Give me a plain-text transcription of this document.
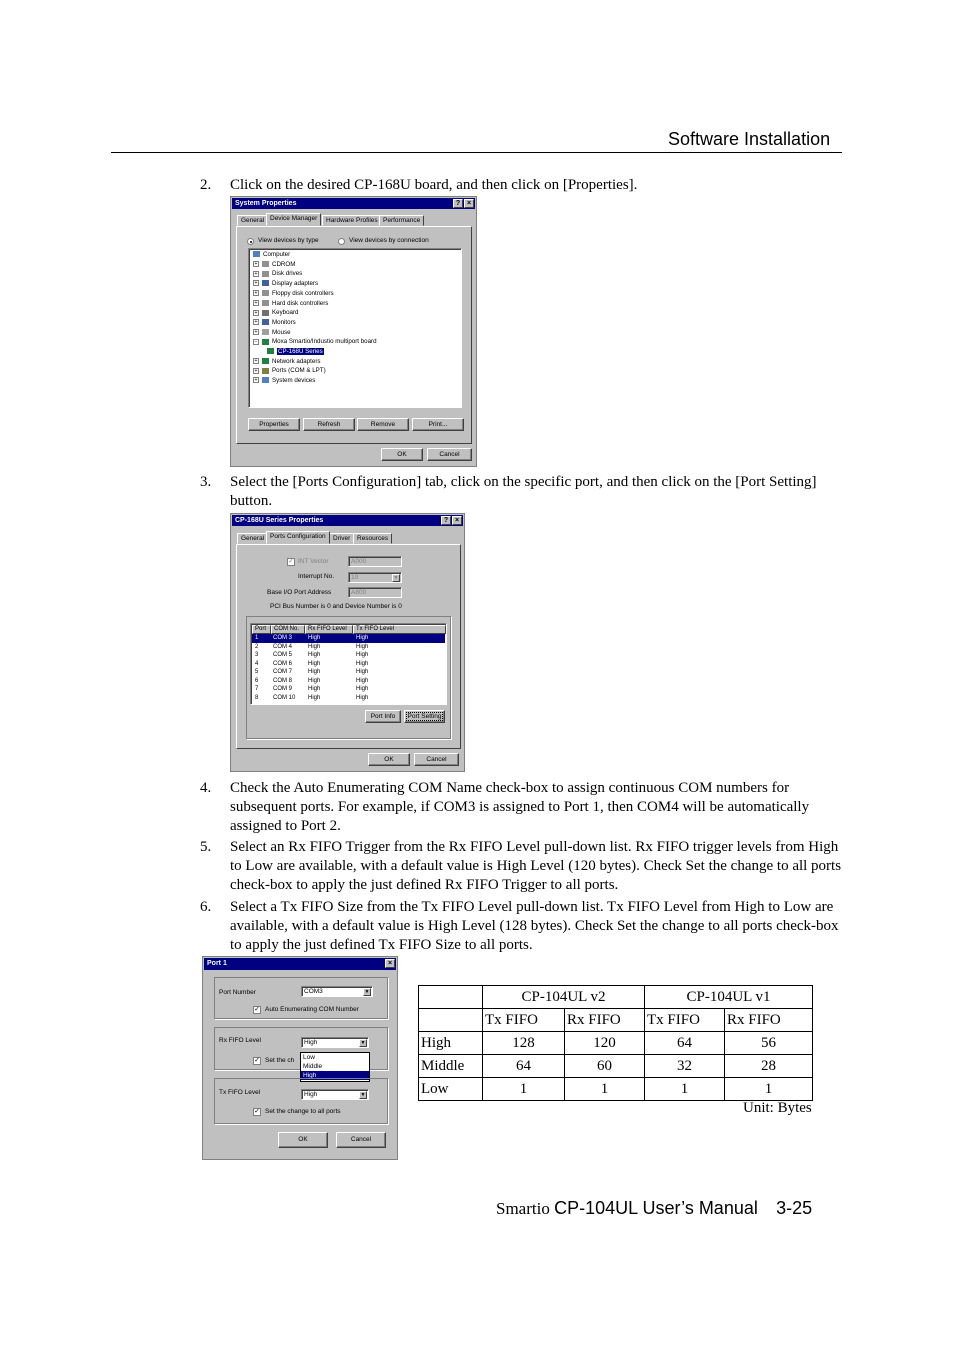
Software Installation
2. Click on the desired CP-168U board, and then click on [Properties].
System Properties	? ×
General Device Manager	Hardware Profiles Performance
View devices by type	View devices by connection
Computer
+ CDROM
+ Disk drives
+ Display adapters
+ Floppy disk controllers
+ Hard disk controllers
+ Keyboard
+ Monitors
+ Mouse
− Moxa Smartio/Industio multiport board
CP-168U Series
+ Network adapters
+ Ports (COM & LPT)
+ System devices
Properties	Refresh	Remove	Print...
OK	Cancel
3. Select the [Ports Configuration] tab, click on the specific port, and then click on the [Port Setting] button.
CP-168U Series Properties	? ×
General Ports Configuration	Driver	Resources
✓ INT Vector	A000
Interrupt No.	10	▼
Base I/O Port Address	A800
PCI Bus Number is 0 and Device Number is 0
Port	COM No.	Rx FIFO Level	Tx FIFO Level
1 COM 3	High	High
2 COM 4	High	High
3 COM 5	High	High
4 COM 6	High	High
5 COM 7	High	High
6 COM 8	High	High
7 COM 9	High	High
8 COM 10 High	High
Port Info	Port Setting
OK	Cancel
4. Check the Auto Enumerating COM Name check-box to assign continuous COM numbers for subsequent ports. For example, if COM3 is assigned to Port 1, then COM4 will be automatically assigned to Port 2.
5. Select an Rx FIFO Trigger from the Rx FIFO Level pull-down list. Rx FIFO trigger levels from High to Low are available, with a default value is High Level (120 bytes). Check Set the change to all ports check-box to apply the just defined Rx FIFO Trigger to all ports.
6. Select a Tx FIFO Size from the Tx FIFO Level pull-down list. Tx FIFO Level from High to Low are available, with a default value is High Level (128 bytes). Check Set the change to all ports check-box to apply the just defined Tx FIFO Size to all ports.
Port 1	×
Port Number	COM3	▼
✓ Auto Enumerating COM Number
Rx FIFO Level	High	▼
✓ Set the ch	Low
Middle
High
Tx FIFO Level	High	▼
✓ Set the change to all ports
OK	Cancel
	CP-104UL v2		CP-104UL v1	
	Tx FIFO	Rx FIFO	Tx FIFO	Rx FIFO
High	128	120	64	56
Middle	64	60	32	28
Low	1	1	1	1
Unit: Bytes
Smartio CP-104UL User’s Manual 3-25
